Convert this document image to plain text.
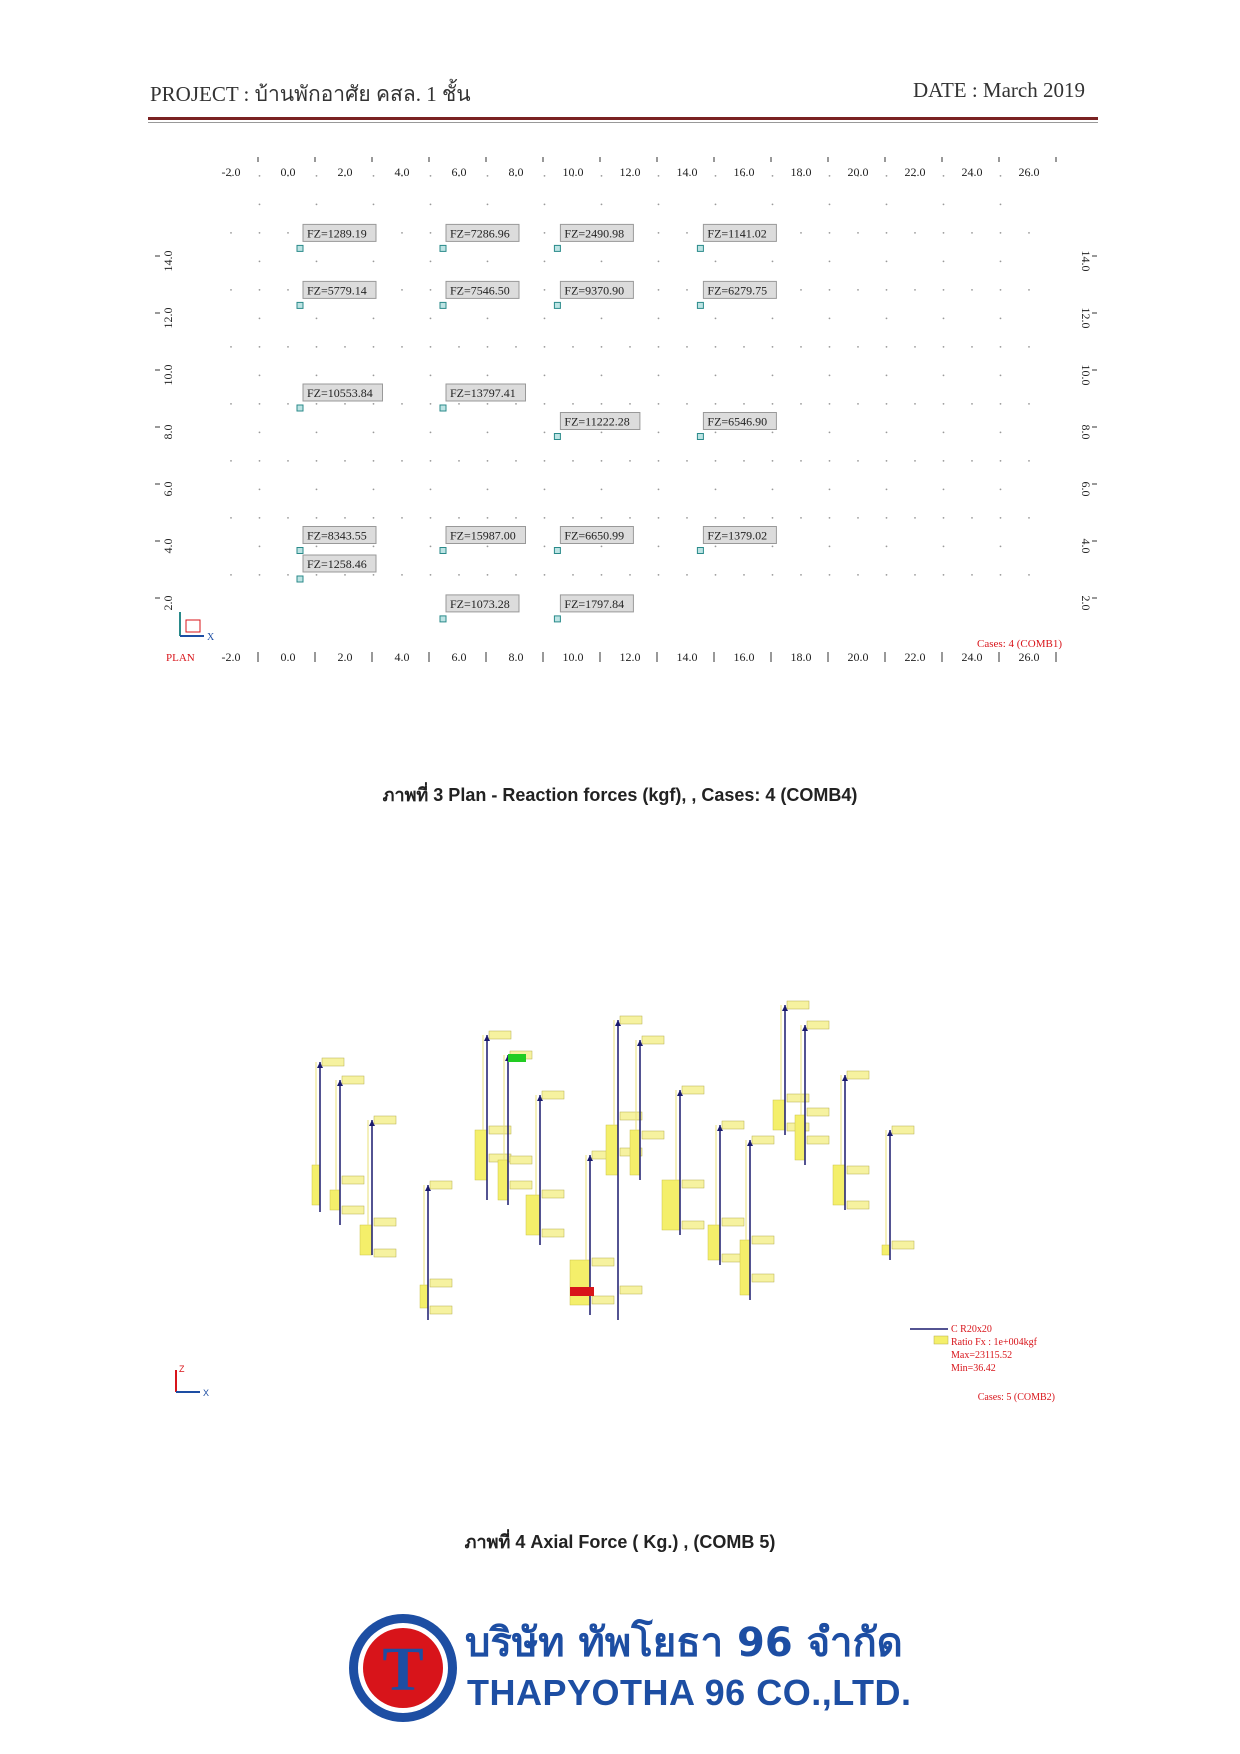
PROJECT : บ้านพักอาศัย คสล. 1 ชั้น	DATE : March 2019
-2.0
-2.0
0.0
0.0
2.0
2.0
4.0
4.0
6.0
6.0
8.0
8.0
10.0
10.0
12.0
12.0
14.0
14.0
16.0
16.0
18.0
18.0
20.0
20.0
22.0
22.0
24.0
24.0
26.0
26.0
14.0	14.0
12.0	12.0
10.0	10.0
8.0	8.0
6.0	6.0
4.0	4.0
2.0	2.0
FZ=1289.19	FZ=7286.96	FZ=2490.98	FZ=1141.02
FZ=5779.14	FZ=7546.50	FZ=9370.90	FZ=6279.75
FZ=10553.84	FZ=13797.41
FZ=11222.28	FZ=6546.90
FZ=8343.55	FZ=15987.00	FZ=6650.99	FZ=1379.02
FZ=1258.46
FZ=1073.28	FZ=1797.84
PLAN
Cases: 4 (COMB1)
X
ภาพที่ 3 Plan - Reaction forces (kgf), , Cases: 4 (COMB4)
C R20x20
Ratio Fx : 1e+004kgf
Max=23115.52
Min=36.42
Cases: 5 (COMB2)
Z
X
ภาพที่ 4 Axial Force ( Kg.) , (COMB 5)
T บริษัท ทัพโยธา 96 จำกัด
THAPYOTHA 96 CO.,LTD.
